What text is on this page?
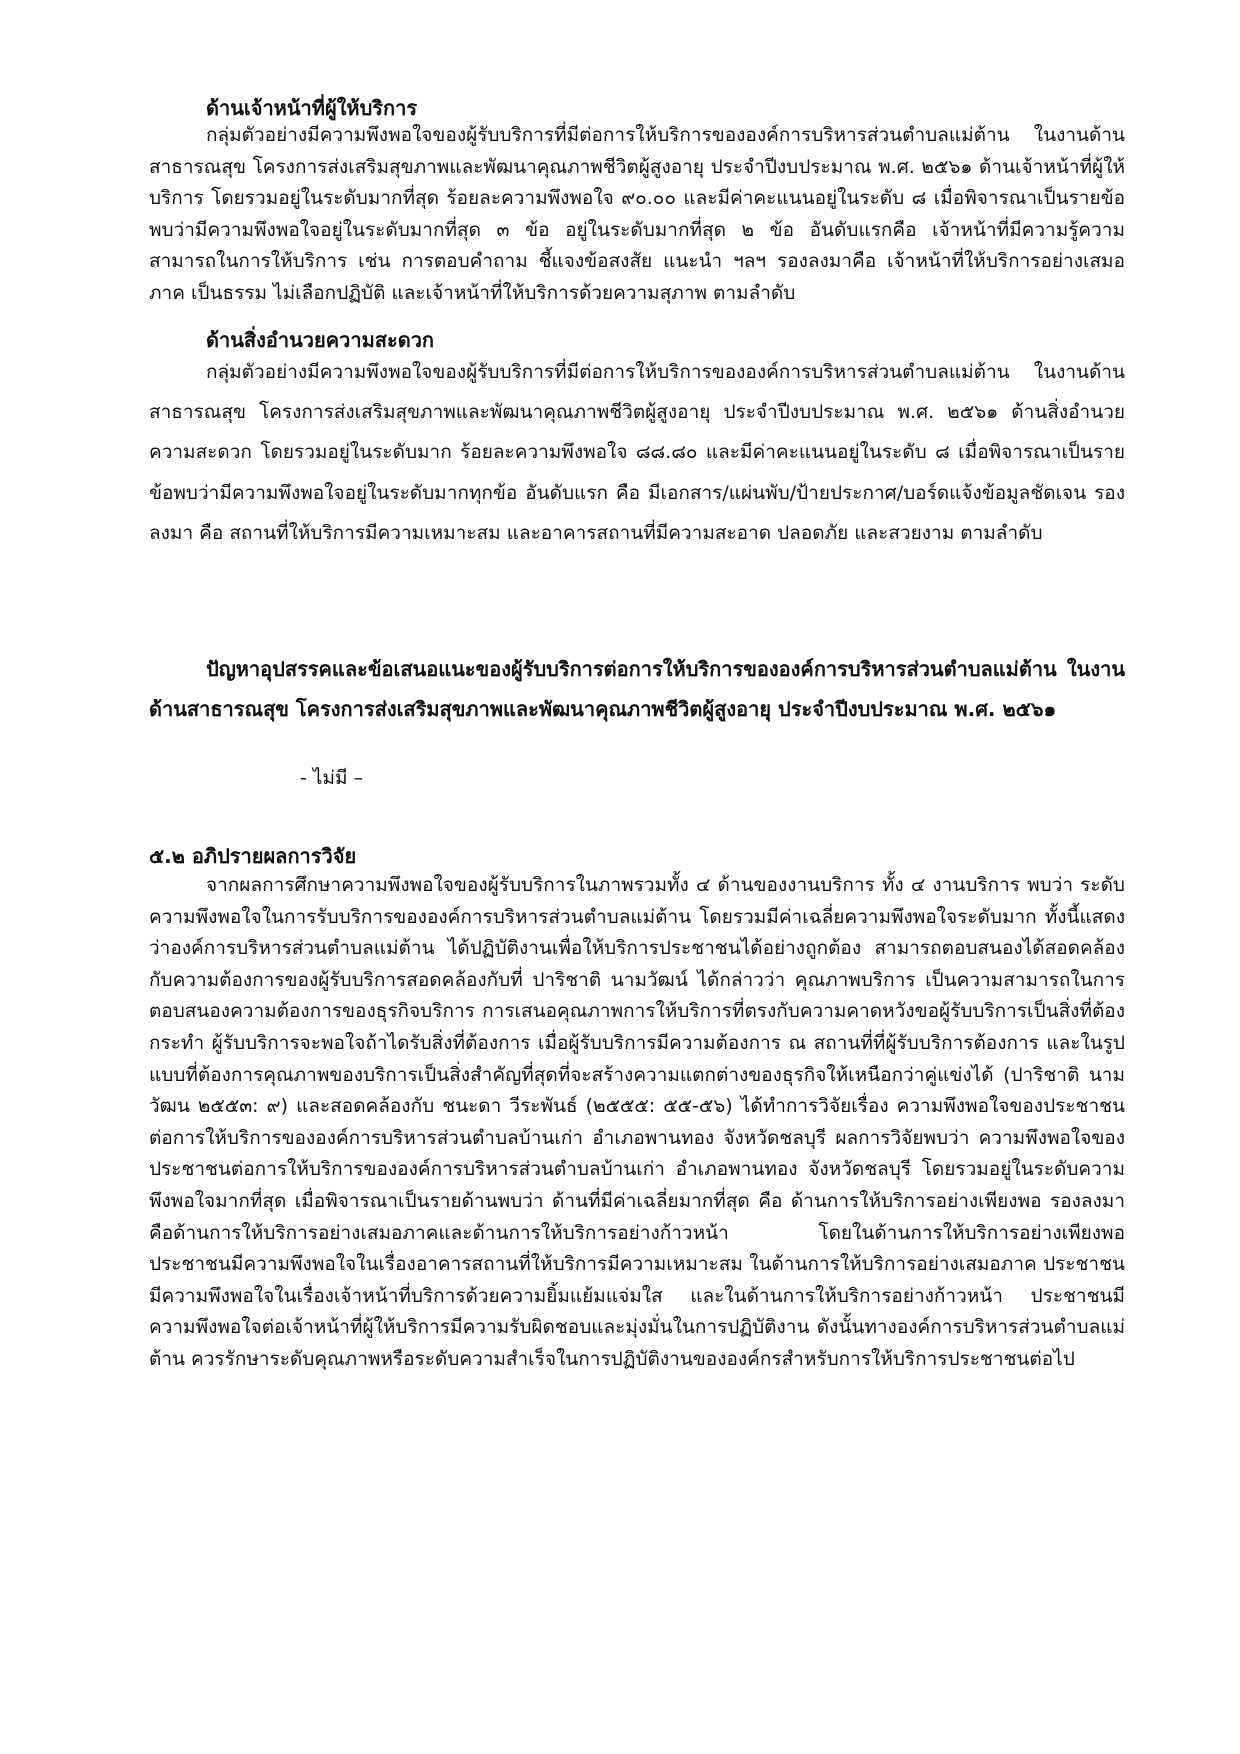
ด้านเจ้าหน้าที่ผู้ให้บริการ

กลุ่มตัวอย่างมีความพึงพอใจของผู้รับบริการที่มีต่อการให้บริการขององค์การบริหารส่วนตำบลแม่ต้าน ในงานด้านสาธารณสุข โครงการส่งเสริมสุขภาพและพัฒนาคุณภาพชีวิตผู้สูงอายุ ประจำปีงบประมาณ พ.ศ. ๒๕๖๑ ด้านเจ้าหน้าที่ผู้ให้บริการ โดยรวมอยู่ในระดับมากที่สุด ร้อยละความพึงพอใจ ๙๐.๐๐ และมีค่าคะแนนอยู่ในระดับ ๘ เมื่อพิจารณาเป็นรายข้อพบว่ามีความพึงพอใจอยู่ในระดับมากที่สุด ๓ ข้อ อยู่ในระดับมากที่สุด ๒ ข้อ อันดับแรกคือ เจ้าหน้าที่มีความรู้ความสามารถในการให้บริการ เช่น การตอบคำถาม ชี้แจงข้อสงสัย แนะนำ ฯลฯ รองลงมาคือ เจ้าหน้าที่ให้บริการอย่างเสมอภาค เป็นธรรม ไม่เลือกปฏิบัติ และเจ้าหน้าที่ให้บริการด้วยความสุภาพ ตามลำดับ

ด้านสิ่งอำนวยความสะดวก

กลุ่มตัวอย่างมีความพึงพอใจของผู้รับบริการที่มีต่อการให้บริการขององค์การบริหารส่วนตำบลแม่ต้าน ในงานด้านสาธารณสุข โครงการส่งเสริมสุขภาพและพัฒนาคุณภาพชีวิตผู้สูงอายุ ประจำปีงบประมาณ พ.ศ. ๒๕๖๑ ด้านสิ่งอำนวยความสะดวก โดยรวมอยู่ในระดับมาก ร้อยละความพึงพอใจ ๘๘.๘๐ และมีค่าคะแนนอยู่ในระดับ ๘ เมื่อพิจารณาเป็นรายข้อพบว่ามีความพึงพอใจอยู่ในระดับมากทุกข้อ อันดับแรก คือ มีเอกสาร/แผ่นพับ/ป้ายประกาศ/บอร์ดแจ้งข้อมูลชัดเจน รองลงมา คือ สถานที่ให้บริการมีความเหมาะสม และอาคารสถานที่มีความสะอาด ปลอดภัย และสวยงาม ตามลำดับ

ปัญหาอุปสรรคและข้อเสนอแนะของผู้รับบริการต่อการให้บริการขององค์การบริหารส่วนตำบลแม่ต้าน ในงานด้านสาธารณสุข โครงการส่งเสริมสุขภาพและพัฒนาคุณภาพชีวิตผู้สูงอายุ ประจำปีงบประมาณ พ.ศ. ๒๕๖๑

- ไม่มี –
๕.๒ อภิปรายผลการวิจัย

จากผลการศึกษาความพึงพอใจของผู้รับบริการในภาพรวมทั้ง ๔ ด้านของงานบริการ ทั้ง ๔ งานบริการ พบว่า ระดับความพึงพอใจในการรับบริการขององค์การบริหารส่วนตำบลแม่ต้าน โดยรวมมีค่าเฉลี่ยความพึงพอใจระดับมาก ทั้งนี้แสดงว่าองค์การบริหารส่วนตำบลแม่ต้าน ได้ปฏิบัติงานเพื่อให้บริการประชาชนได้อย่างถูกต้อง สามารถตอบสนองได้สอดคล้องกับความต้องการของผู้รับบริการสอดคล้องกับที่ ปาริชาติ นามวัฒน์ ได้กล่าวว่า คุณภาพบริการ เป็นความสามารถในการตอบสนองความต้องการของธุรกิจบริการ การเสนอคุณภาพการให้บริการที่ตรงกับความคาดหวังขอผู้รับบริการเป็นสิ่งที่ต้องกระทำ ผู้รับบริการจะพอใจถ้าไดรับสิ่งที่ต้องการ เมื่อผู้รับบริการมีความต้องการ ณ สถานที่ที่ผู้รับบริการต้องการ และในรูปแบบที่ต้องการคุณภาพของบริการเป็นสิ่งสำคัญที่สุดที่จะสร้างความแตกต่างของธุรกิจให้เหนือกว่าคู่แข่งได้ (ปาริชาติ นามวัฒน ๒๕๕๓: ๙) และสอดคล้องกับ ชนะดา วีระพันธ์ (๒๕๕๕: ๕๕-๕๖) ได้ทำการวิจัยเรื่อง ความพึงพอใจของประชาชนต่อการให้บริการขององค์การบริหารส่วนตำบลบ้านเก่า อำเภอพานทอง จังหวัดชลบุรี ผลการวิจัยพบว่า ความพึงพอใจของประชาชนต่อการให้บริการขององค์การบริหารส่วนตำบลบ้านเก่า อำเภอพานทอง จังหวัดชลบุรี โดยรวมอยู่ในระดับความพึงพอใจมากที่สุด เมื่อพิจารณาเป็นรายด้านพบว่า ด้านที่มีค่าเฉลี่ยมากที่สุด คือ ด้านการให้บริการอย่างเพียงพอ รองลงมาคือด้านการให้บริการอย่างเสมอภาคและด้านการให้บริการอย่างก้าวหน้า โดยในด้านการให้บริการอย่างเพียงพอ ประชาชนมีความพึงพอใจในเรื่องอาคารสถานที่ให้บริการมีความเหมาะสม ในด้านการให้บริการอย่างเสมอภาค ประชาชนมีความพึงพอใจในเรื่องเจ้าหน้าที่บริการด้วยความยิ้มแย้มแจ่มใส และในด้านการให้บริการอย่างก้าวหน้า ประชาชนมีความพึงพอใจต่อเจ้าหน้าที่ผู้ให้บริการมีความรับผิดชอบและมุ่งมั่นในการปฏิบัติงาน ดังนั้นทางองค์การบริหารส่วนตำบลแม่ต้าน ควรรักษาระดับคุณภาพหรือระดับความสำเร็จในการปฏิบัติงานขององค์กรสำหรับการให้บริการประชาชนต่อไป
